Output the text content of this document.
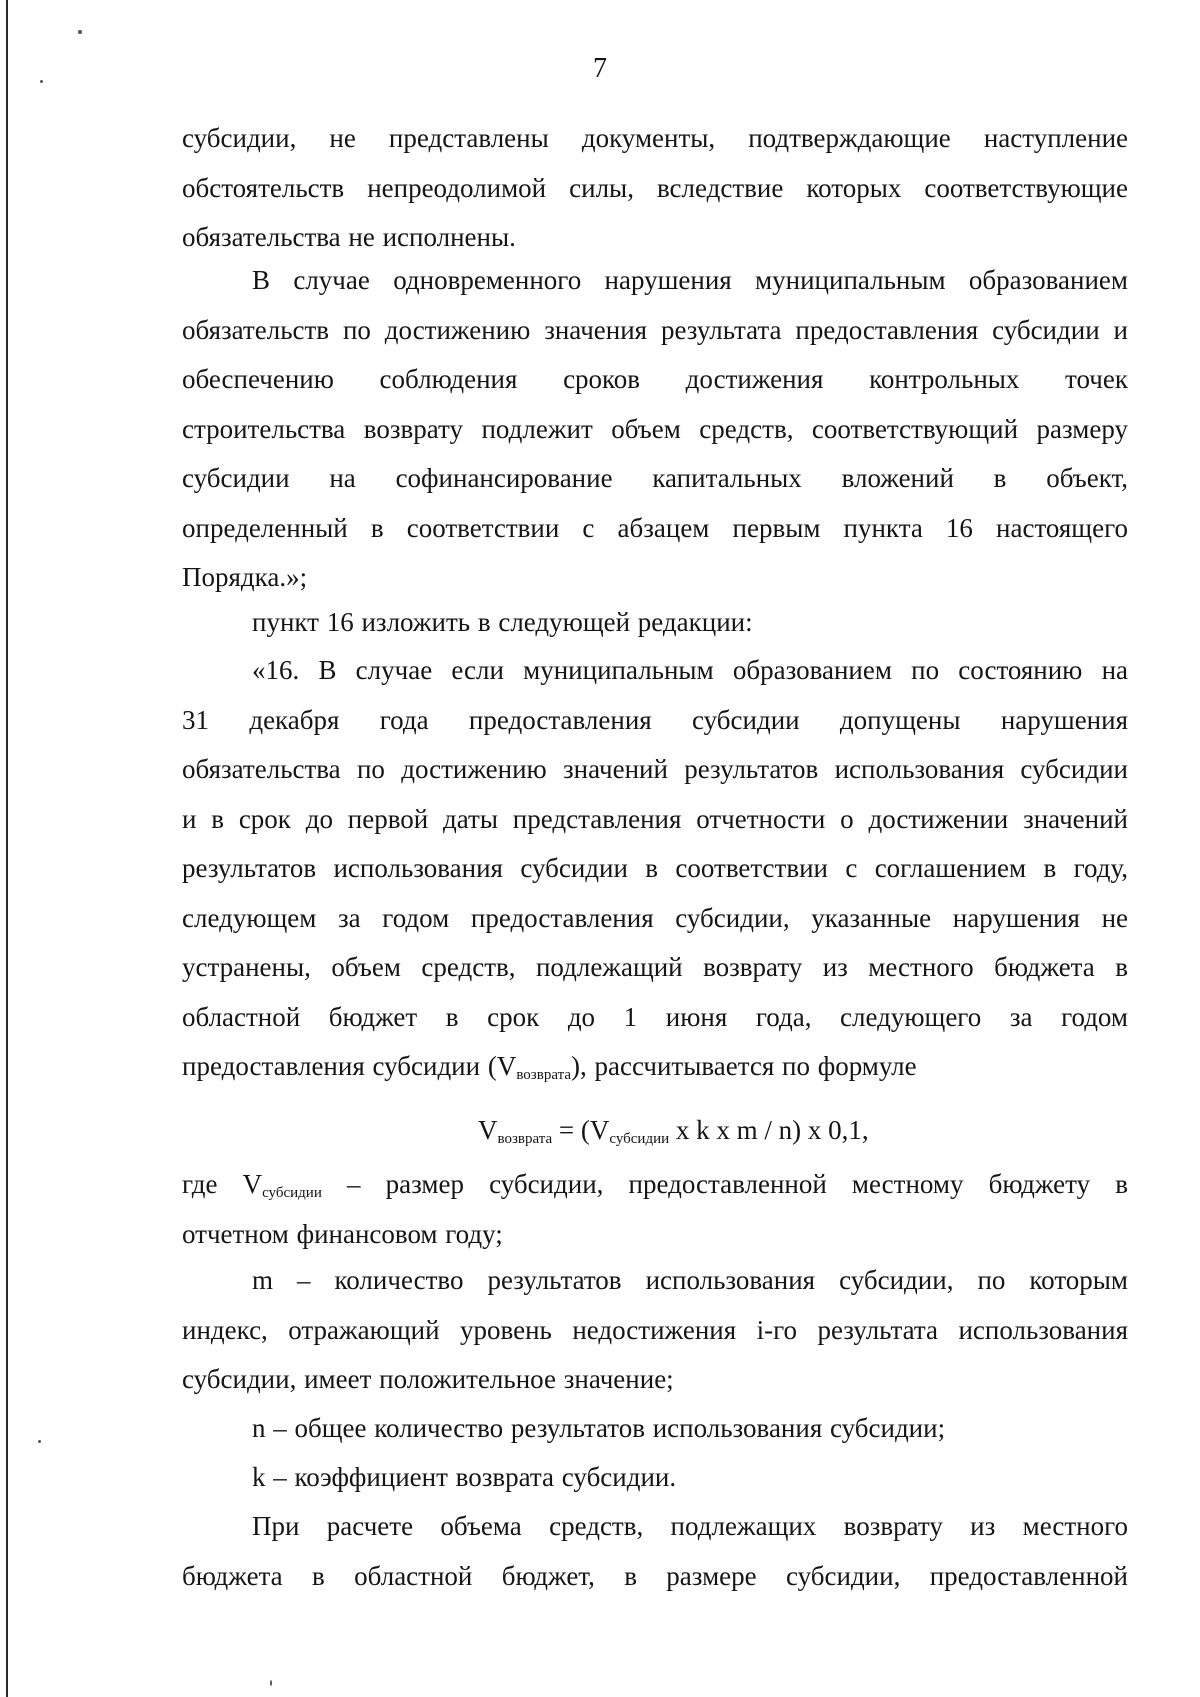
7
субсидии, не представлены документы, подтверждающие наступление
обстоятельств непреодолимой силы, вследствие которых соответствующие
обязательства не исполнены.
В случае одновременного нарушения муниципальным образованием
обязательств по достижению значения результата предоставления субсидии и
обеспечению соблюдения сроков достижения контрольных точек
строительства возврату подлежит объем средств, соответствующий размеру
субсидии на софинансирование капитальных вложений в объект,
определенный в соответствии с абзацем первым пункта 16 настоящего
Порядка.»;
пункт 16 изложить в следующей редакции:
«16. В случае если муниципальным образованием по состоянию на
31 декабря года предоставления субсидии допущены нарушения
обязательства по достижению значений результатов использования субсидии
и в срок до первой даты представления отчетности о достижении значений
результатов использования субсидии в соответствии с соглашением в году,
следующем за годом предоставления субсидии, указанные нарушения не
устранены, объем средств, подлежащий возврату из местного бюджета в
областной бюджет в срок до 1 июня года, следующего за годом
предоставления субсидии $(V_{возврата})$, рассчитывается по формуле
$V_{возврата} = (V_{субсидии}$ x k x m / n) x 0,1,
где $V_{субсидии}$ – размер субсидии, предоставленной местному бюджету в
отчетном финансовом году;
m – количество результатов использования субсидии, по которым
индекс, отражающий уровень недостижения i-го результата использования
субсидии, имеет положительное значение;
n – общее количество результатов использования субсидии;
k – коэффициент возврата субсидии.
При расчете объема средств, подлежащих возврату из местного
бюджета в областной бюджет, в размере субсидии, предоставленной
